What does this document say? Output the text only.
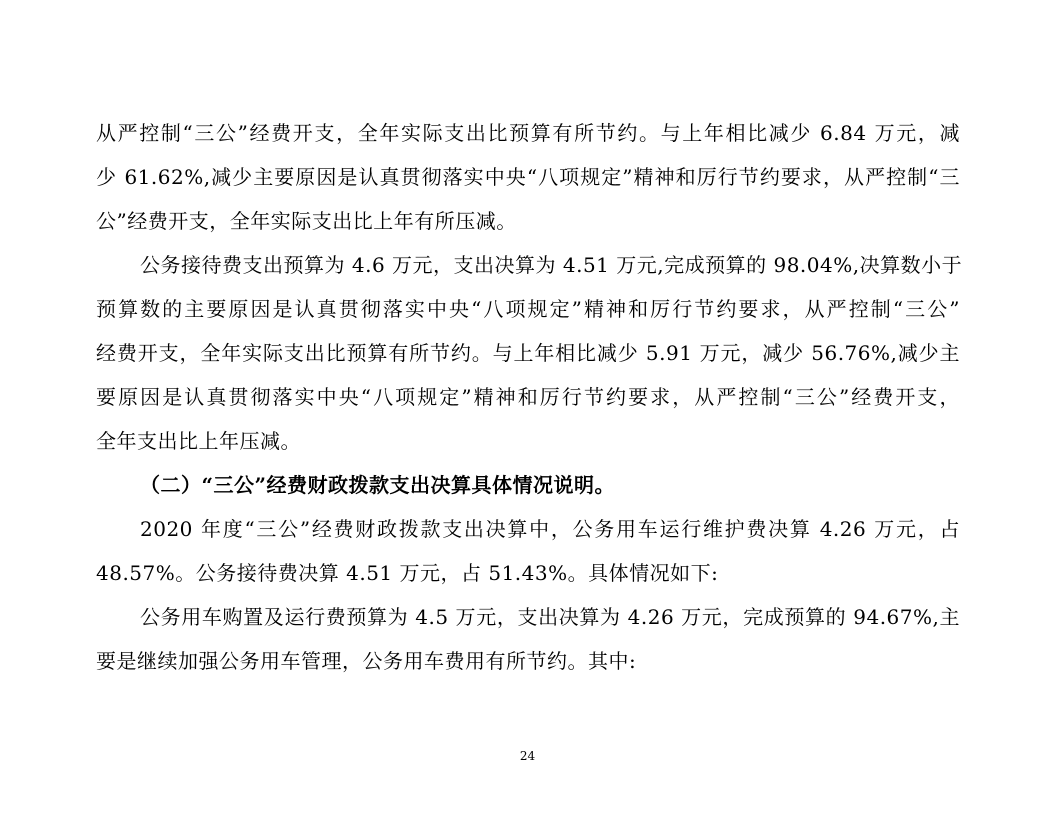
从严控制“三公”经费开支，全年实际支出比预算有所节约。与上年相比减少 6.84 万元，减
少 61.62%,减少主要原因是认真贯彻落实中央“八项规定”精神和厉行节约要求，从严控制“三
公”经费开支，全年实际支出比上年有所压减。
公务接待费支出预算为 4.6 万元，支出决算为 4.51 万元,完成预算的 98.04%,决算数小于
预算数的主要原因是认真贯彻落实中央“八项规定”精神和厉行节约要求，从严控制“三公”
经费开支，全年实际支出比预算有所节约。与上年相比减少 5.91 万元，减少 56.76%,减少主
要原因是认真贯彻落实中央“八项规定”精神和厉行节约要求，从严控制“三公”经费开支，
全年支出比上年压减。
（二）“三公”经费财政拨款支出决算具体情况说明。
2020 年度“三公”经费财政拨款支出决算中，公务用车运行维护费决算 4.26 万元，占
48.57%。公务接待费决算 4.51 万元，占 51.43%。具体情况如下:
公务用车购置及运行费预算为 4.5 万元，支出决算为 4.26 万元，完成预算的 94.67%,主
要是继续加强公务用车管理，公务用车费用有所节约。其中:
24
